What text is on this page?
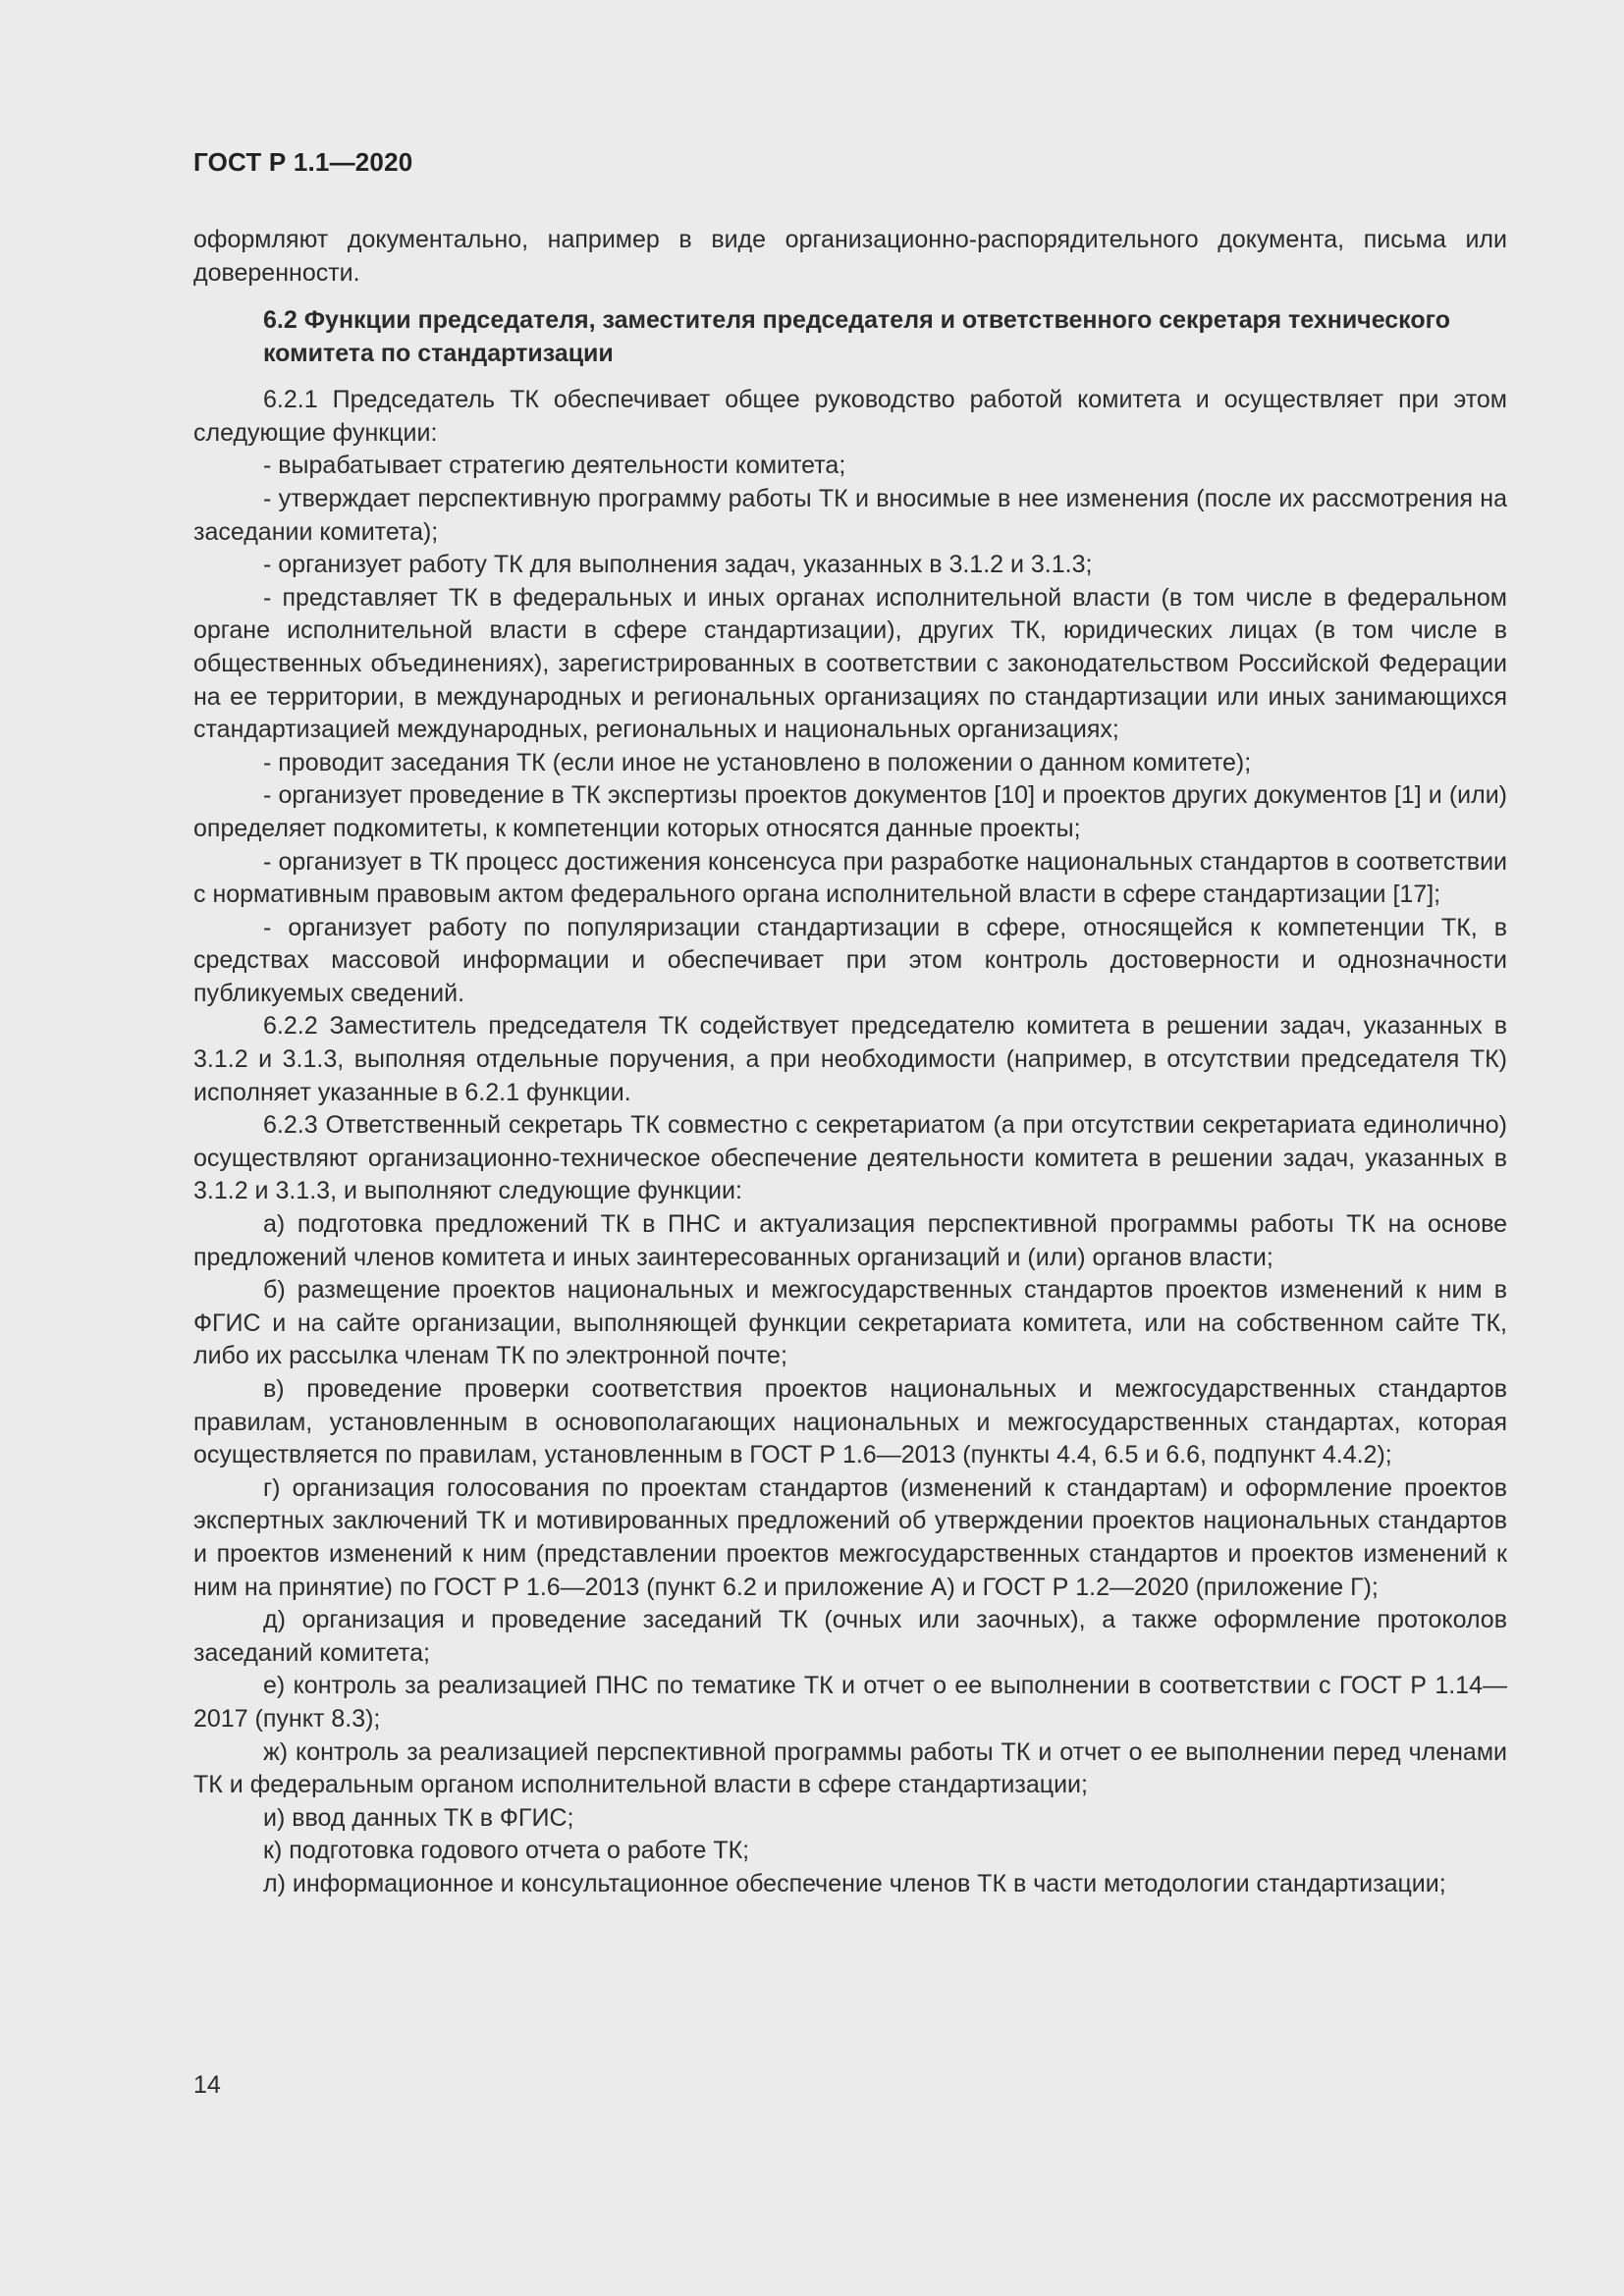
ГОСТ Р 1.1—2020

оформляют документально, например в виде организационно-распорядительного документа, письма или доверенности.

6.2 Функции председателя, заместителя председателя и ответственного секретаря технического комитета по стандартизации

6.2.1 Председатель ТК обеспечивает общее руководство работой комитета и осуществляет при этом следующие функции:

- вырабатывает стратегию деятельности комитета;

- утверждает перспективную программу работы ТК и вносимые в нее изменения (после их рассмотрения на заседании комитета);

- организует работу ТК для выполнения задач, указанных в 3.1.2 и 3.1.3;

- представляет ТК в федеральных и иных органах исполнительной власти (в том числе в федеральном органе исполнительной власти в сфере стандартизации), других ТК, юридических лицах (в том числе в общественных объединениях), зарегистрированных в соответствии с законодательством Российской Федерации на ее территории, в международных и региональных организациях по стандартизации или иных занимающихся стандартизацией международных, региональных и национальных организациях;

- проводит заседания ТК (если иное не установлено в положении о данном комитете);

- организует проведение в ТК экспертизы проектов документов [10] и проектов других документов [1] и (или) определяет подкомитеты, к компетенции которых относятся данные проекты;

- организует в ТК процесс достижения консенсуса при разработке национальных стандартов в соответствии с нормативным правовым актом федерального органа исполнительной власти в сфере стандартизации [17];

- организует работу по популяризации стандартизации в сфере, относящейся к компетенции ТК, в средствах массовой информации и обеспечивает при этом контроль достоверности и однозначности публикуемых сведений.

6.2.2 Заместитель председателя ТК содействует председателю комитета в решении задач, указанных в 3.1.2 и 3.1.3, выполняя отдельные поручения, а при необходимости (например, в отсутствии председателя ТК) исполняет указанные в 6.2.1 функции.

6.2.3 Ответственный секретарь ТК совместно с секретариатом (а при отсутствии секретариата единолично) осуществляют организационно-техническое обеспечение деятельности комитета в решении задач, указанных в 3.1.2 и 3.1.3, и выполняют следующие функции:

а) подготовка предложений ТК в ПНС и актуализация перспективной программы работы ТК на основе предложений членов комитета и иных заинтересованных организаций и (или) органов власти;

б) размещение проектов национальных и межгосударственных стандартов проектов изменений к ним в ФГИС и на сайте организации, выполняющей функции секретариата комитета, или на собственном сайте ТК, либо их рассылка членам ТК по электронной почте;

в) проведение проверки соответствия проектов национальных и межгосударственных стандартов правилам, установленным в основополагающих национальных и межгосударственных стандартах, которая осуществляется по правилам, установленным в ГОСТ Р 1.6—2013 (пункты 4.4, 6.5 и 6.6, подпункт 4.4.2);

г) организация голосования по проектам стандартов (изменений к стандартам) и оформление проектов экспертных заключений ТК и мотивированных предложений об утверждении проектов национальных стандартов и проектов изменений к ним (представлении проектов межгосударственных стандартов и проектов изменений к ним на принятие) по ГОСТ Р 1.6—2013 (пункт 6.2 и приложение А) и ГОСТ Р 1.2—2020 (приложение Г);

д) организация и проведение заседаний ТК (очных или заочных), а также оформление протоколов заседаний комитета;

е) контроль за реализацией ПНС по тематике ТК и отчет о ее выполнении в соответствии с ГОСТ Р 1.14—2017 (пункт 8.3);

ж) контроль за реализацией перспективной программы работы ТК и отчет о ее выполнении перед членами ТК и федеральным органом исполнительной власти в сфере стандартизации;

и) ввод данных ТК в ФГИС;

к) подготовка годового отчета о работе ТК;

л) информационное и консультационное обеспечение членов ТК в части методологии стандартизации;

14
